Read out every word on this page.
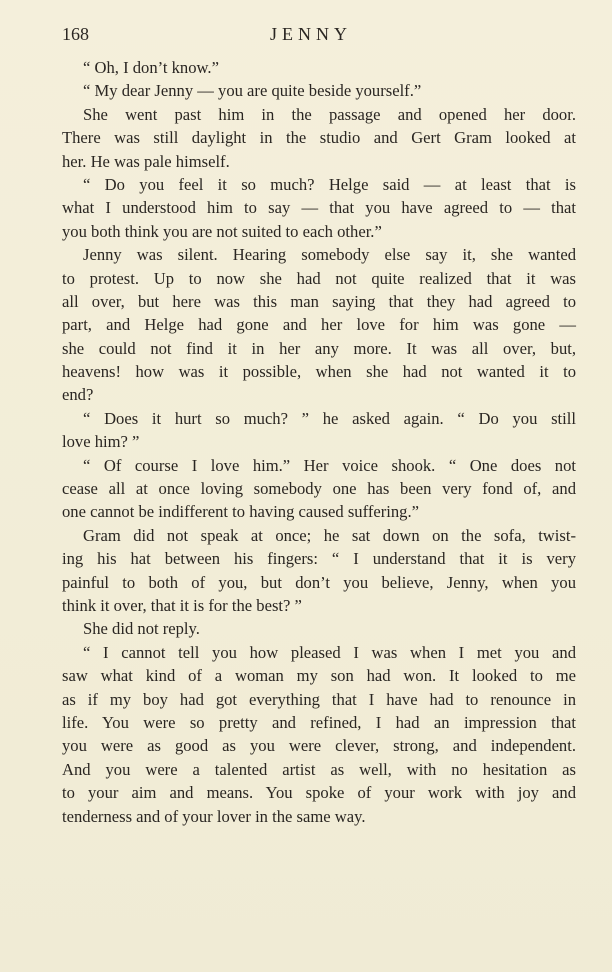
168	JENNY
“ Oh, I don’t know.”
“ My dear Jenny — you are quite beside yourself.”
She went past him in the passage and opened her door.
There was still daylight in the studio and Gert Gram looked at
her. He was pale himself.
“ Do you feel it so much? Helge said — at least that is
what I understood him to say — that you have agreed to — that
you both think you are not suited to each other.”
Jenny was silent. Hearing somebody else say it, she wanted
to protest. Up to now she had not quite realized that it was
all over, but here was this man saying that they had agreed to
part, and Helge had gone and her love for him was gone —
she could not find it in her any more. It was all over, but,
heavens! how was it possible, when she had not wanted it to
end?
“ Does it hurt so much? ” he asked again. “ Do you still
love him? ”
“ Of course I love him.” Her voice shook. “ One does not
cease all at once loving somebody one has been very fond of, and
one cannot be indifferent to having caused suffering.”
Gram did not speak at once; he sat down on the sofa, twist-
ing his hat between his fingers: “ I understand that it is very
painful to both of you, but don’t you believe, Jenny, when you
think it over, that it is for the best? ”
She did not reply.
“ I cannot tell you how pleased I was when I met you and
saw what kind of a woman my son had won. It looked to me
as if my boy had got everything that I have had to renounce in
life. You were so pretty and refined, I had an impression that
you were as good as you were clever, strong, and independent.
And you were a talented artist as well, with no hesitation as
to your aim and means. You spoke of your work with joy and
tenderness and of your lover in the same way.
